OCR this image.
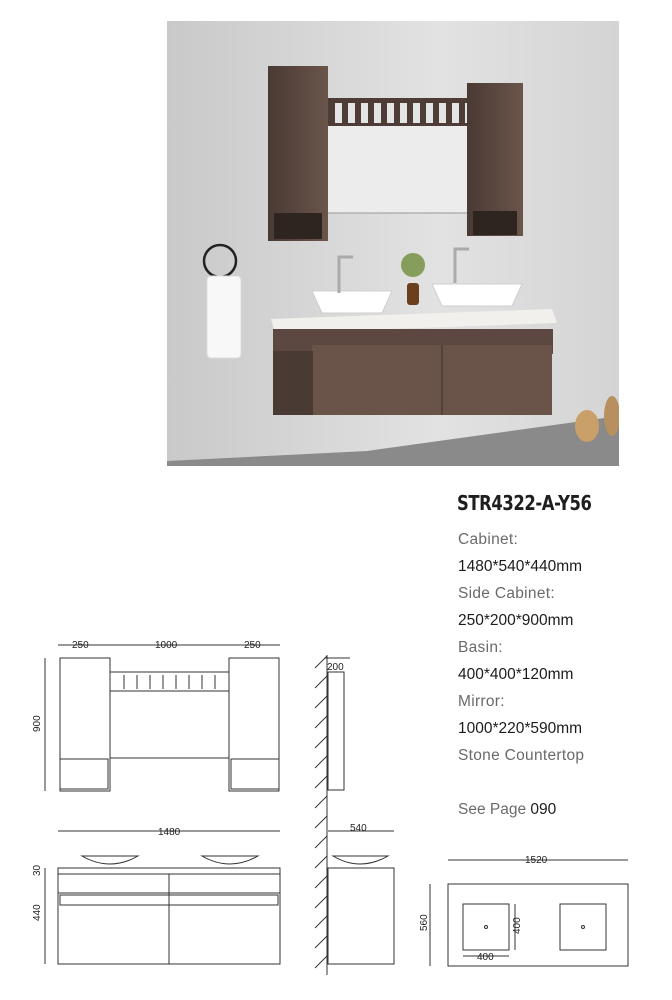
STR4322-A-Y56
Cabinet:
1480*540*440mm
Side Cabinet:
250*200*900mm
Basin:
400*400*120mm
Mirror:
1000*220*590mm
Stone Countertop
See Page 090
250	1000	250
900
200
1480	540
30
440
1520
560
400
400
